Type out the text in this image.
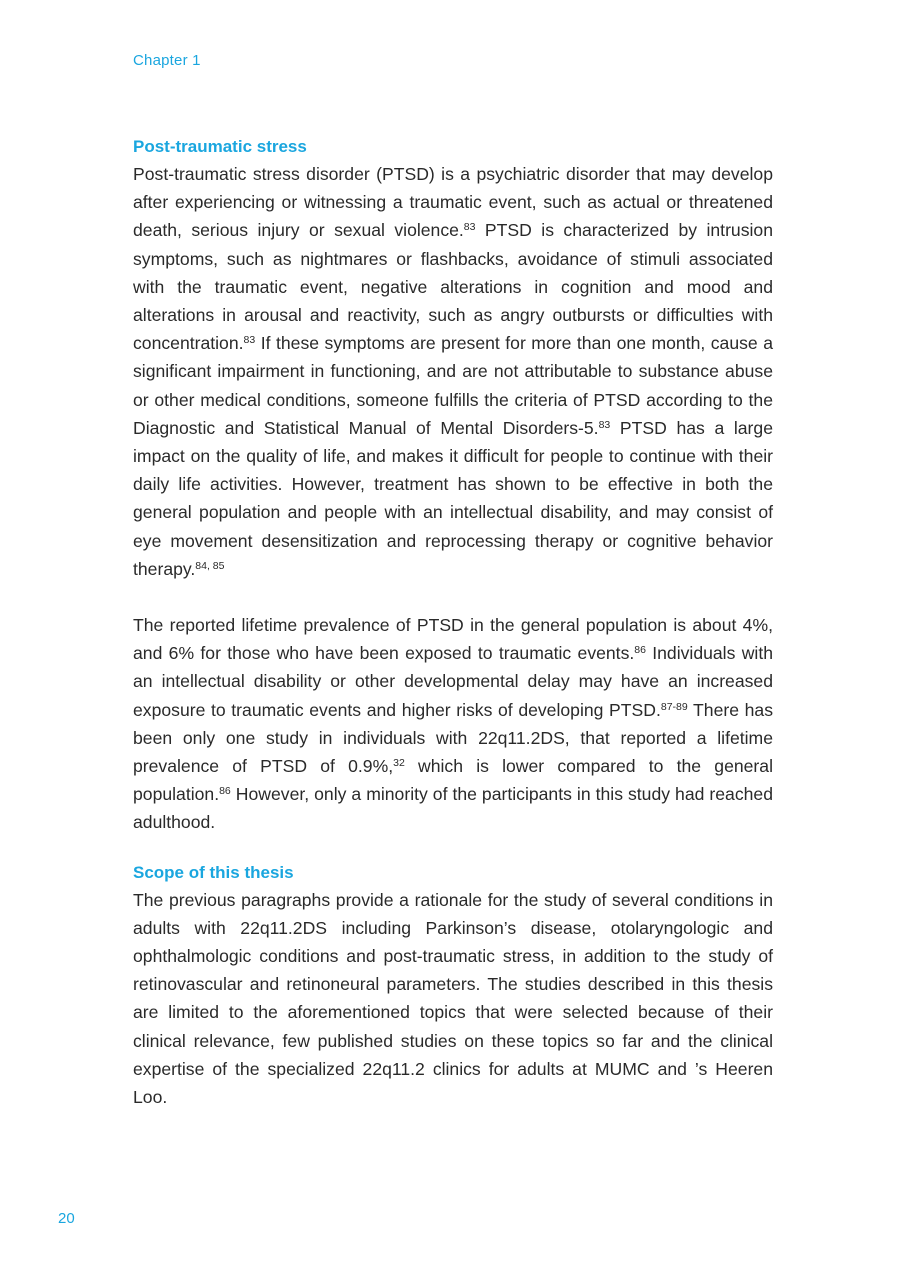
Chapter 1
Post-traumatic stress

Post-traumatic stress disorder (PTSD) is a psychiatric disorder that may develop after experiencing or witnessing a traumatic event, such as actual or threatened death, serious injury or sexual violence.$^{83}$ PTSD is characterized by intrusion symptoms, such as nightmares or flashbacks, avoidance of stimuli associated with the traumatic event, negative alterations in cognition and mood and alterations in arousal and reactivity, such as angry outbursts or difficulties with concentration.$^{83}$ If these symptoms are present for more than one month, cause a significant impairment in functioning, and are not attributable to substance abuse or other medical conditions, someone fulfills the criteria of PTSD according to the Diagnostic and Statistical Manual of Mental Disorders-5.83 PTSD has a large impact on the quality of life, and makes it difficult for people to continue with their daily life activities. However, treatment has shown to be effective in both the general population and people with an intellectual disability, and may consist of eye movement desensitization and reprocessing therapy or cognitive behavior therapy.$^{84, 85}$

The reported lifetime prevalence of PTSD in the general population is about 4%, and 6% for those who have been exposed to traumatic events.$^{86}$ Individuals with an intellectual disability or other developmental delay may have an increased exposure to traumatic events and higher risks of developing PTSD.$^{87-89}$ There has been only one study in individuals with 22q11.2DS, that reported a lifetime prevalence of PTSD of 0.9%,$^{32}$ which is lower compared to the general population.$^{86}$ However, only a minority of the participants in this study had reached adulthood.

Scope of this thesis

The previous paragraphs provide a rationale for the study of several conditions in adults with 22q11.2DS including Parkinson’s disease, otolaryngologic and ophthalmologic conditions and post-traumatic stress, in addition to the study of retinovascular and retinoneural parameters. The studies described in this thesis are limited to the aforementioned topics that were selected because of their clinical relevance, few published studies on these topics so far and the clinical expertise of the specialized 22q11.2 clinics for adults at MUMC and ’s Heeren Loo.

20
